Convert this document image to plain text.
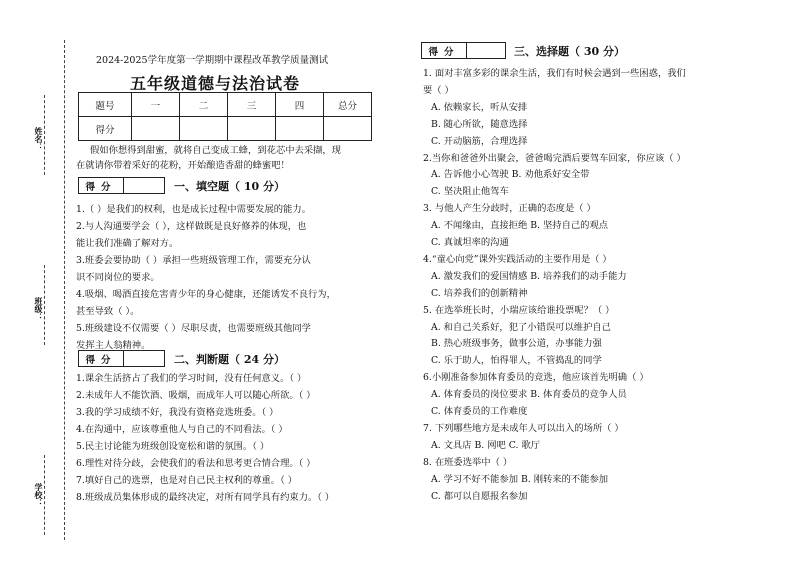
姓名：
班级：
学校：
2024-2025学年度第一学期期中课程改革教学质量测试
五年级道德与法治试卷
题号	一	二	三	四	总分
得分					
假如你想得到甜蜜，就将自己变成工蜂，到花芯中去采撷，现
在就请你带着采好的花粉，开始酿造香甜的蜂蜜吧！
得分	一、填空题（ 10 分）
1.（ ）是我们的权利，也是成长过程中需要发展的能力。
2.与人沟通要学会（ ），这样做既是良好修养的体现，也
能让我们准确了解对方。
3.班委会要协助（ ）承担一些班级管理工作，需要充分认
识不同岗位的要求。
4.吸烟、喝酒直接危害青少年的身心健康，还能诱发不良行为，
甚至导致（ ）。
5.班级建设不仅需要（ ）尽职尽责，也需要班级其他同学
发挥主人翁精神。
得分	二、判断题（ 24 分）
1.课余生活挤占了我们的学习时间，没有任何意义。（ ）
2.未成年人不能饮酒、吸烟，而成年人可以随心所欲。（ ）
3.我的学习成绩不好，我没有资格竞选班委。（ ）
4.在沟通中，应该尊重他人与自己的不同看法。（ ）
5.民主讨论能为班级创设宽松和谐的氛围。（ ）
6.理性对待分歧，会使我们的看法和思考更合情合理。（ ）
7.填好自己的选票，也是对自己民主权利的尊重。（ ）
8.班级成员集体形成的最终决定，对所有同学具有约束力。（ ）
得分	三、选择题（ 30 分）
1. 面对丰富多彩的课余生活，我们有时候会遇到一些困惑，我们
要（ ）
A. 依赖家长，听从安排
B. 随心所欲，随意选择
C. 开动脑筋，合理选择
2.当你和爸爸外出聚会，爸爸喝完酒后要驾车回家，你应该（ ）
A. 告诉他小心驾驶 B. 劝他系好安全带
C. 坚决阻止他驾车
3. 与他人产生分歧时，正确的态度是（ ）
A. 不闻缘由，直接拒绝 B. 坚持自己的观点
C. 真诚坦率的沟通
4.“童心向党”课外实践活动的主要作用是（ ）
A. 激发我们的爱国情感 B. 培养我们的动手能力
C. 培养我们的创新精神
5. 在选举班长时，小瑞应该给谁投票呢？（ ）
A. 和自己关系好，犯了小错误可以维护自己
B. 热心班级事务，做事公道，办事能力强
C. 乐于助人，怕得罪人，不管捣乱的同学
6.小刚准备参加体育委员的竞选，他应该首先明确（ ）
A. 体育委员的岗位要求 B. 体育委员的竞争人员
C. 体育委员的工作难度
7. 下列哪些地方是未成年人可以出入的场所（ ）
A. 文具店 B. 网吧 C. 歌厅
8. 在班委选举中（ ）
A. 学习不好不能参加 B. 刚转来的不能参加
C. 都可以自愿报名参加
